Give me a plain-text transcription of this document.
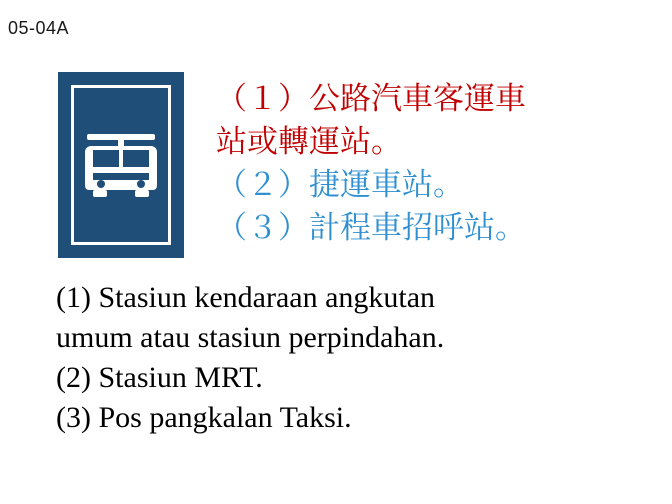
05-04A
（１）公路汽車客運車
站或轉運站。
（２）捷運車站。
（３）計程車招呼站。
(1) Stasiun kendaraan angkutan
umum atau stasiun perpindahan.
(2) Stasiun MRT.
(3) Pos pangkalan Taksi.
